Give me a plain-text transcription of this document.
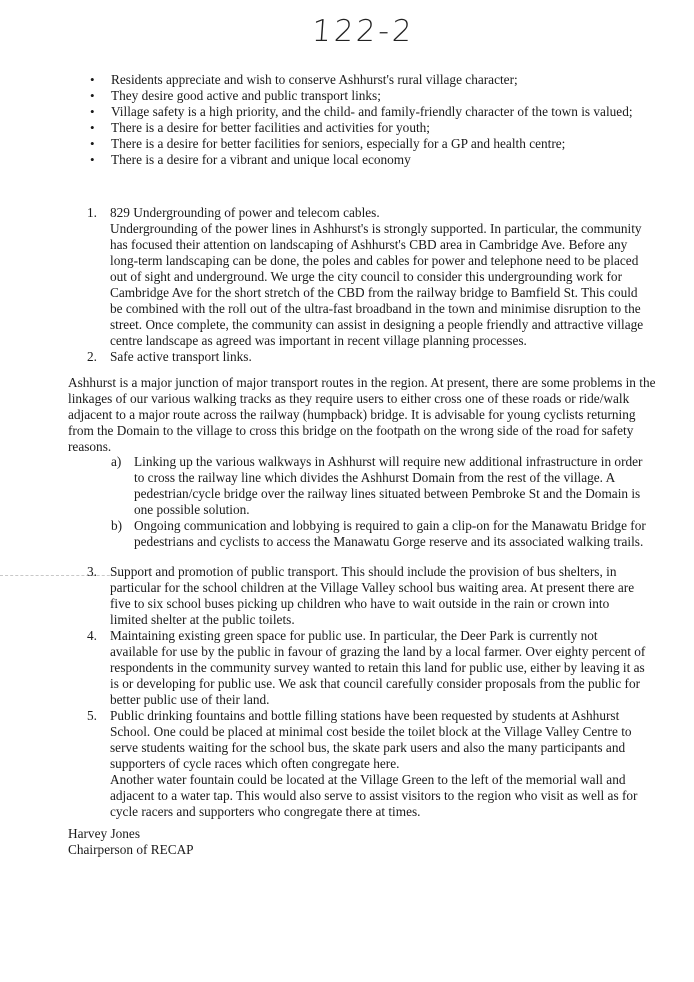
122-2
• Residents appreciate and wish to conserve Ashhurst's rural village character;
• They desire good active and public transport links;
• Village safety is a high priority, and the child- and family-friendly character of the town is valued;
• There is a desire for better facilities and activities for youth;
• There is a desire for better facilities for seniors, especially for a GP and health centre;
• There is a desire for a vibrant and unique local economy
1. 829 Undergrounding of power and telecom cables.

Undergrounding of the power lines in Ashhurst's is strongly supported. In particular, the community has focused their attention on landscaping of Ashhurst's CBD area in Cambridge Ave. Before any long-term landscaping can be done, the poles and cables for power and telephone need to be placed out of sight and underground. We urge the city council to consider this undergrounding work for Cambridge Ave for the short stretch of the CBD from the railway bridge to Bamfield St. This could be combined with the roll out of the ultra-fast broadband in the town and minimise disruption to the street. Once complete, the community can assist in designing a people friendly and attractive village centre landscape as agreed was important in recent village planning processes.

2. Safe active transport links.

Ashhurst is a major junction of major transport routes in the region. At present, there are some problems in the linkages of our various walking tracks as they require users to either cross one of these roads or ride/walk adjacent to a major route across the railway (humpback) bridge. It is advisable for young cyclists returning from the Domain to the village to cross this bridge on the footpath on the wrong side of the road for safety reasons.

a) Linking up the various walkways in Ashhurst will require new additional infrastructure in order to cross the railway line which divides the Ashhurst Domain from the rest of the village. A pedestrian/cycle bridge over the railway lines situated between Pembroke St and the Domain is one possible solution.

b) Ongoing communication and lobbying is required to gain a clip-on for the Manawatu Bridge for pedestrians and cyclists to access the Manawatu Gorge reserve and its associated walking trails.

3. Support and promotion of public transport. This should include the provision of bus shelters, in particular for the school children at the Village Valley school bus waiting area. At present there are five to six school buses picking up children who have to wait outside in the rain or crown into limited shelter at the public toilets.

4. Maintaining existing green space for public use. In particular, the Deer Park is currently not available for use by the public in favour of grazing the land by a local farmer. Over eighty percent of respondents in the community survey wanted to retain this land for public use, either by leaving it as is or developing for public use. We ask that council carefully consider proposals from the public for better public use of their land.

5. Public drinking fountains and bottle filling stations have been requested by students at Ashhurst School. One could be placed at minimal cost beside the toilet block at the Village Valley Centre to serve students waiting for the school bus, the skate park users and also the many participants and supporters of cycle races which often congregate here.

Another water fountain could be located at the Village Green to the left of the memorial wall and adjacent to a water tap. This would also serve to assist visitors to the region who visit as well as for cycle racers and supporters who congregate there at times.

Harvey Jones
Chairperson of RECAP
